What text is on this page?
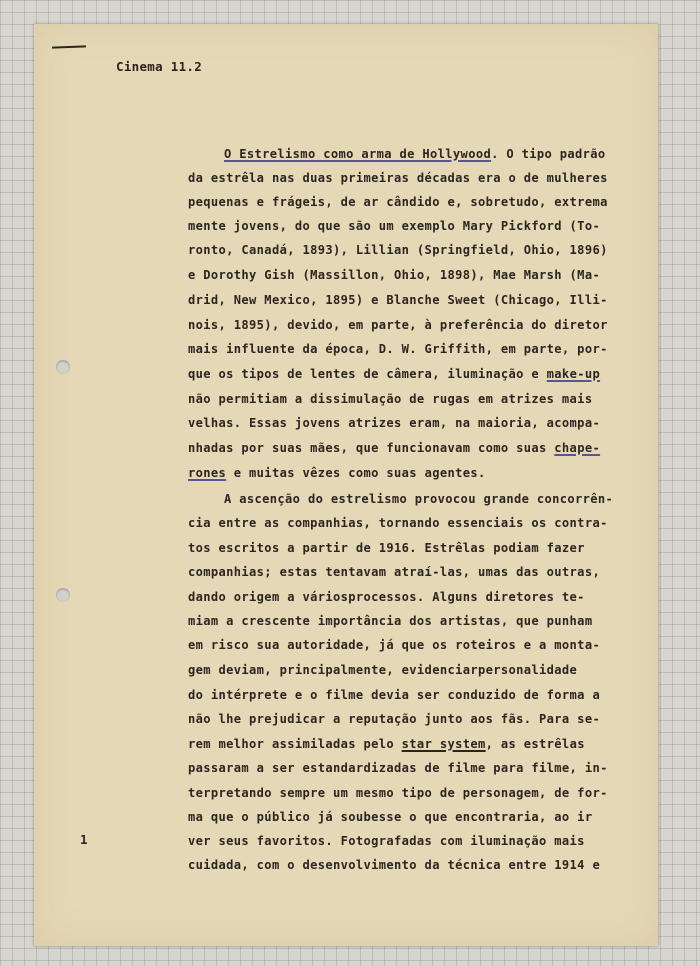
Cinema 11.2
O Estrelismo como arma de Hollywood. O tipo padrão
da estrêla nas duas primeiras décadas era o de mulheres
pequenas e frágeis, de ar cândido e, sobretudo, extrema
mente jovens, do que são um exemplo Mary Pickford (To-
ronto, Canadá, 1893), Lillian (Springfield, Ohio, 1896)
e Dorothy Gish (Massillon, Ohio, 1898), Mae Marsh (Ma-
drid, New Mexico, 1895) e Blanche Sweet (Chicago, Illi-
nois, 1895), devido, em parte, à preferência do diretor
mais influente da época, D. W. Griffith, em parte, por-
que os tipos de lentes de câmera, iluminação e make-up
não permitiam a dissimulação de rugas em atrizes mais
velhas. Essas jovens atrizes eram, na maioria, acompa-
nhadas por suas mães, que funcionavam como suas chape-
rones e muitas vêzes como suas agentes.
A ascenção do estrelismo provocou grande concorrên-
cia entre as companhias, tornando essenciais os contra-
tos escritos a partir de 1916. Estrêlas podiam fazer
companhias; estas tentavam atraí-las, umas das outras,
dando origem a váriosprocessos. Alguns diretores te-
miam a crescente importância dos artistas, que punham
em risco sua autoridade, já que os roteiros e a monta-
gem deviam, principalmente, evidenciarpersonalidade
do intérprete e o filme devia ser conduzido de forma a
não lhe prejudicar a reputação junto aos fãs. Para se-
rem melhor assimiladas pelo star system, as estrêlas
passaram a ser estandardizadas de filme para filme, in-
terpretando sempre um mesmo tipo de personagem, de for-
ma que o público já soubesse o que encontraria, ao ir
ver seus favoritos. Fotografadas com iluminação mais
cuidada, com o desenvolvimento da técnica entre 1914 e
1
